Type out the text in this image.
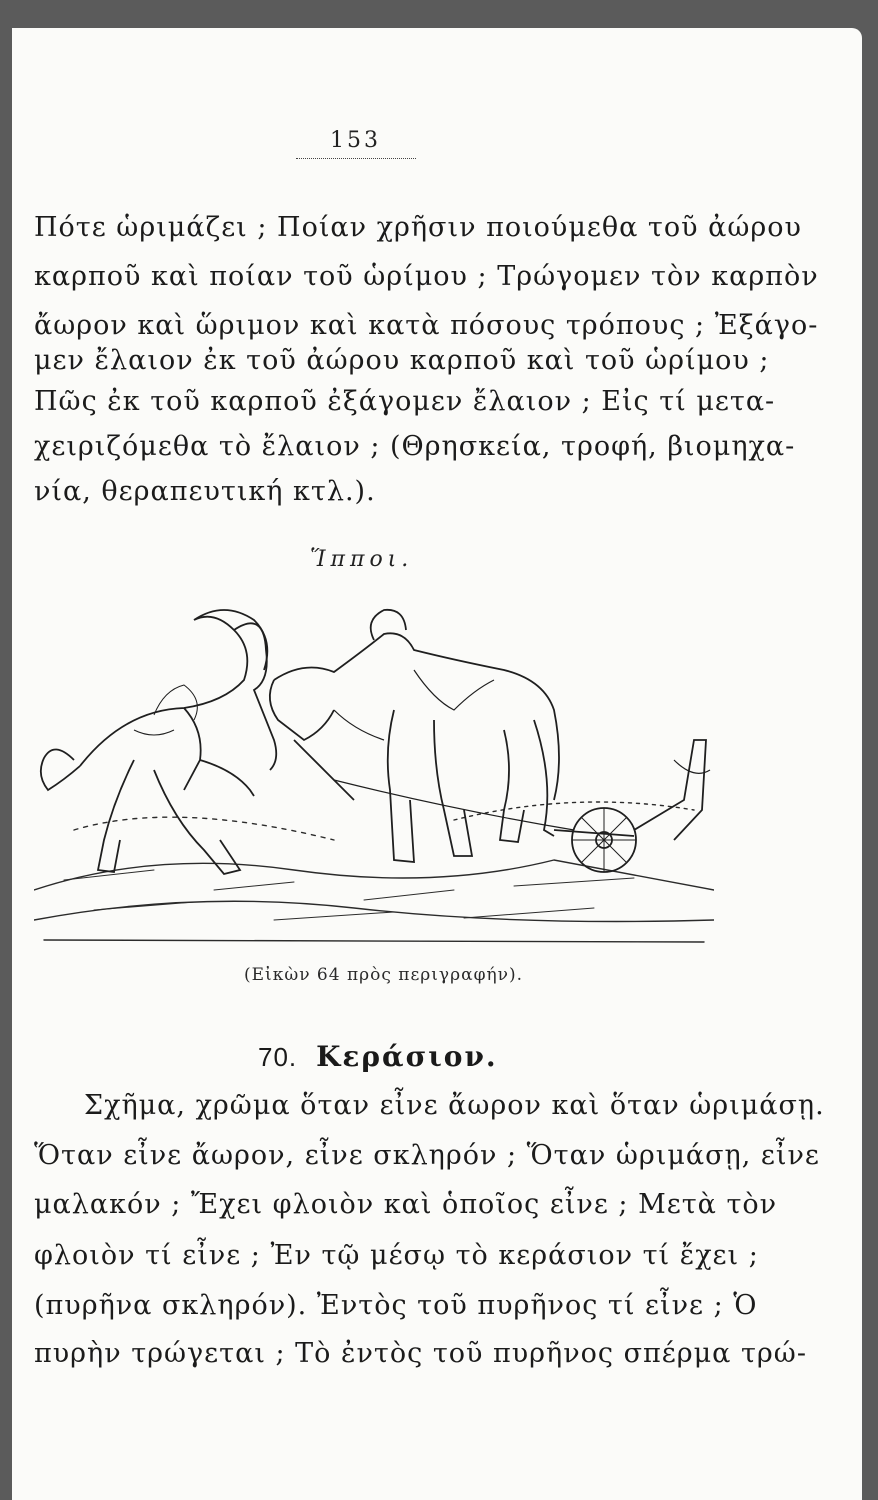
153
Πότε ὡριμάζει ; Ποίαν χρῆσιν ποιούμεθα τοῦ ἀώρου
καρποῦ καὶ ποίαν τοῦ ὡρίμου ; Τρώγομεν τὸν καρπὸν
ἄωρον καὶ ὥριμον καὶ κατὰ πόσους τρόπους ; Ἐξάγο-
μεν ἔλαιον ἐκ τοῦ ἀώρου καρποῦ καὶ τοῦ ὡρίμου ;
Πῶς ἐκ τοῦ καρποῦ ἐξάγομεν ἔλαιον ; Εἰς τί μετα-
χειριζόμεθα τὸ ἔλαιον ; (Θρησκεία, τροφή, βιομηχα-
νία, θεραπευτική κτλ.).
Ἵπποι.
(Εἰκὼν 64 πρὸς περιγραφήν).
70. Κεράσιον.
Σχῆμα, χρῶμα ὅταν εἶνε ἄωρον καὶ ὅταν ὡριμάσῃ.
Ὅταν εἶνε ἄωρον, εἶνε σκληρόν ; Ὅταν ὡριμάσῃ, εἶνε
μαλακόν ; Ἔχει φλοιὸν καὶ ὁποῖος εἶνε ; Μετὰ τὸν
φλοιὸν τί εἶνε ; Ἐν τῷ μέσῳ τὸ κεράσιον τί ἔχει ;
(πυρῆνα σκληρόν). Ἐντὸς τοῦ πυρῆνος τί εἶνε ; Ὁ
πυρὴν τρώγεται ; Τὸ ἐντὸς τοῦ πυρῆνος σπέρμα τρώ-
